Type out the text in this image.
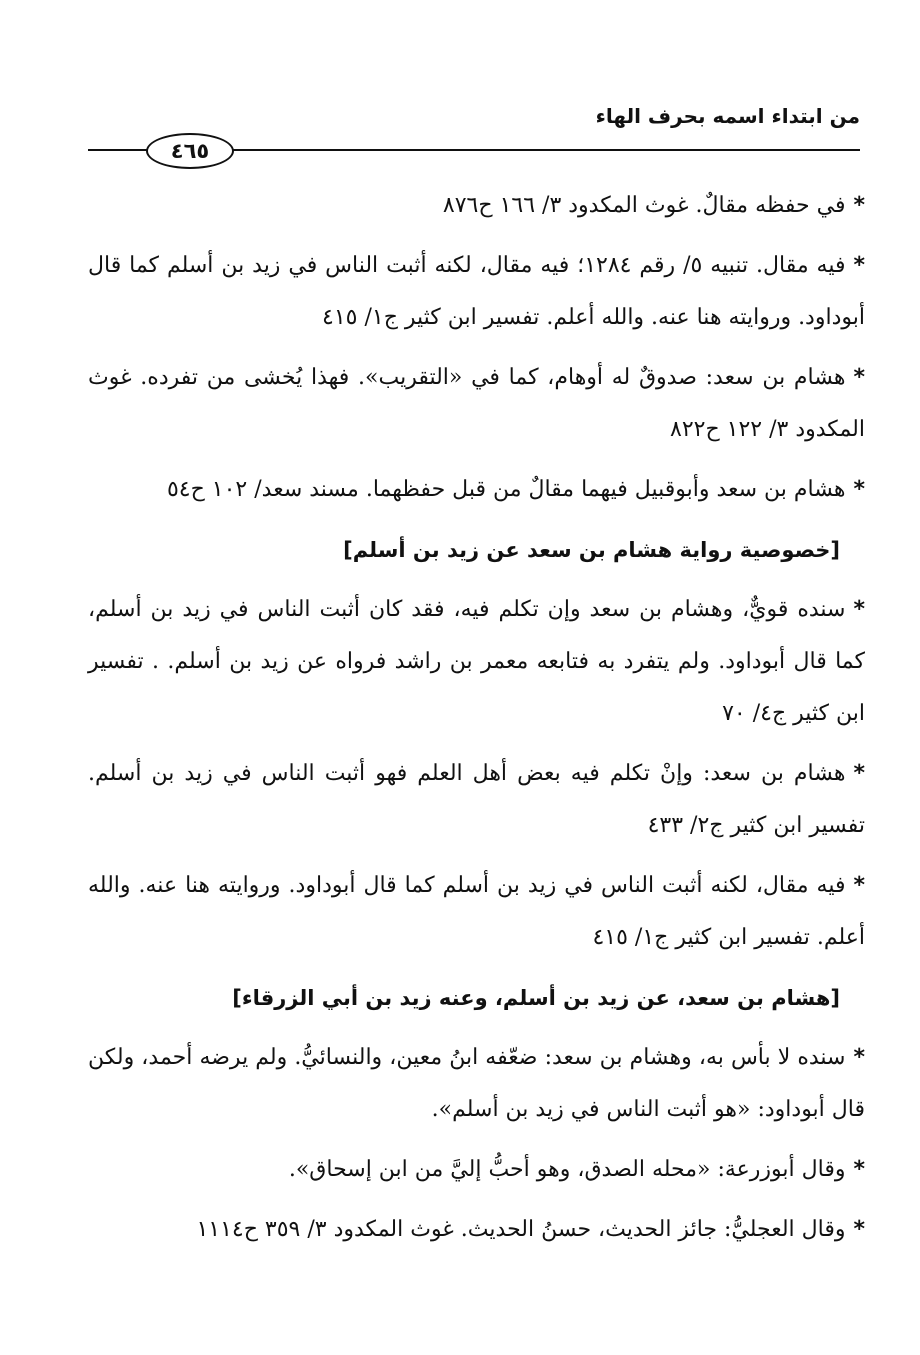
من ابتداء اسمه بحرف الهاء
٤٦٥
*في حفظه مقالٌ. غوث المكدود ٣/ ١٦٦ ح٨٧٦
*فيه مقال. تنبيه ٥/ رقم ١٢٨٤؛ فيه مقال، لكنه أثبت الناس في زيد بن أسلم كما قال أبوداود. وروايته هنا عنه. والله أعلم. تفسير ابن كثير ج١/ ٤١٥
*هشام بن سعد: صدوقٌ له أوهام، كما في «التقريب». فهذا يُخشى من تفرده. غوث المكدود ٣/ ١٢٢ ح٨٢٢
*هشام بن سعد وأبوقبيل فيهما مقالٌ من قبل حفظهما. مسند سعد/ ١٠٢ ح٥٤
[خصوصية رواية هشام بن سعد عن زيد بن أسلم]
*سنده قويٌّ، وهشام بن سعد وإن تكلم فيه، فقد كان أثبت الناس في زيد بن أسلم، كما قال أبوداود. ولم يتفرد به فتابعه معمر بن راشد فرواه عن زيد بن أسلم. . تفسير ابن كثير ج٤/ ٧٠
*هشام بن سعد: وإنْ تكلم فيه بعض أهل العلم فهو أثبت الناس في زيد بن أسلم. تفسير ابن كثير ج٢/ ٤٣٣
*فيه مقال، لكنه أثبت الناس في زيد بن أسلم كما قال أبوداود. وروايته هنا عنه. والله أعلم. تفسير ابن كثير ج١/ ٤١٥
[هشام بن سعد، عن زيد بن أسلم، وعنه زيد بن أبي الزرقاء]
*سنده لا بأس به، وهشام بن سعد: ضعّفه ابنُ معين، والنسائيُّ. ولم يرضه أحمد، ولكن قال أبوداود: «هو أثبت الناس في زيد بن أسلم».
*وقال أبوزرعة: «محله الصدق، وهو أحبُّ إليَّ من ابن إسحاق».
*وقال العجليُّ: جائز الحديث، حسنُ الحديث. غوث المكدود ٣/ ٣٥٩ ح١١١٤
